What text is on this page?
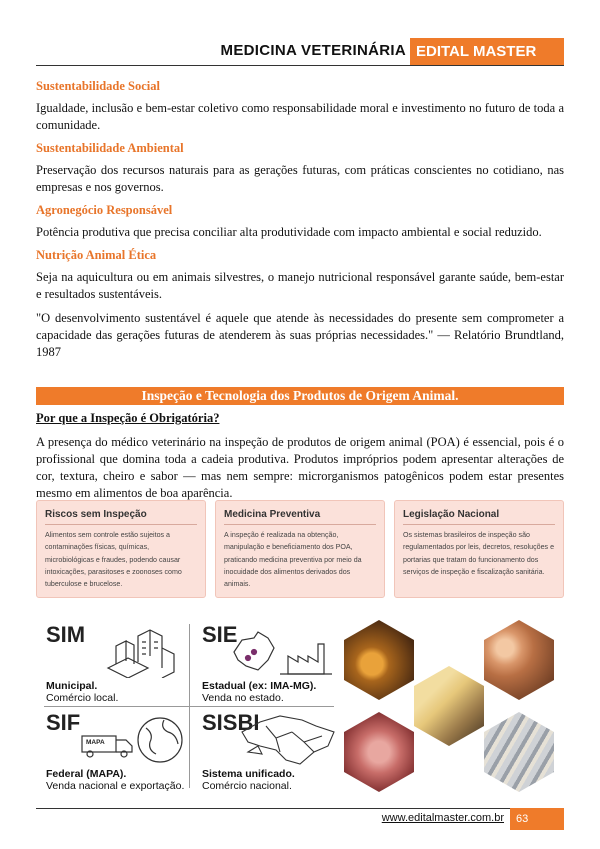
MEDICINA VETERINÁRIA EDITAL MASTER
Sustentabilidade Social

Igualdade, inclusão e bem-estar coletivo como responsabilidade moral e investimento no futuro de toda a comunidade.

Sustentabilidade Ambiental

Preservação dos recursos naturais para as gerações futuras, com práticas conscientes no cotidiano, nas empresas e nos governos.

Agronegócio Responsável

Potência produtiva que precisa conciliar alta produtividade com impacto ambiental e social reduzido.

Nutrição Animal Ética

Seja na aquicultura ou em animais silvestres, o manejo nutricional responsável garante saúde, bem-estar e resultados sustentáveis.

"O desenvolvimento sustentável é aquele que atende às necessidades do presente sem comprometer a capacidade das gerações futuras de atenderem às suas próprias necessidades." — Relatório Brundtland, 1987

Inspeção e Tecnologia dos Produtos de Origem Animal.
Por que a Inspeção é Obrigatória?

A presença do médico veterinário na inspeção de produtos de origem animal (POA) é essencial, pois é o profissional que domina toda a cadeia produtiva. Produtos impróprios podem apresentar alterações de cor, textura, cheiro e sabor — mas nem sempre: microrganismos patogênicos podem estar presentes mesmo em alimentos de boa aparência.

Riscos sem Inspeção
Alimentos sem controle estão sujeitos a contaminações físicas, químicas, microbiológicas e fraudes, podendo causar intoxicações, parasitoses e zoonoses como tuberculose e brucelose.
Medicina Preventiva
A inspeção é realizada na obtenção, manipulação e beneficiamento dos POA, praticando medicina preventiva por meio da inocuidade dos alimentos derivados dos animais.
Legislação Nacional
Os sistemas brasileiros de inspeção são regulamentados por leis, decretos, resoluções e portarias que tratam do funcionamento dos serviços de inspeção e fiscalização sanitária.
SIM
Municipal.
Comércio local.
SIE
Estadual (ex: IMA-MG).
Venda no estado.
SIF
MAPA
Federal (MAPA).
Venda nacional e exportação.
SISBI
Sistema unificado.
Comércio nacional.
www.editalmaster.com.br	63
